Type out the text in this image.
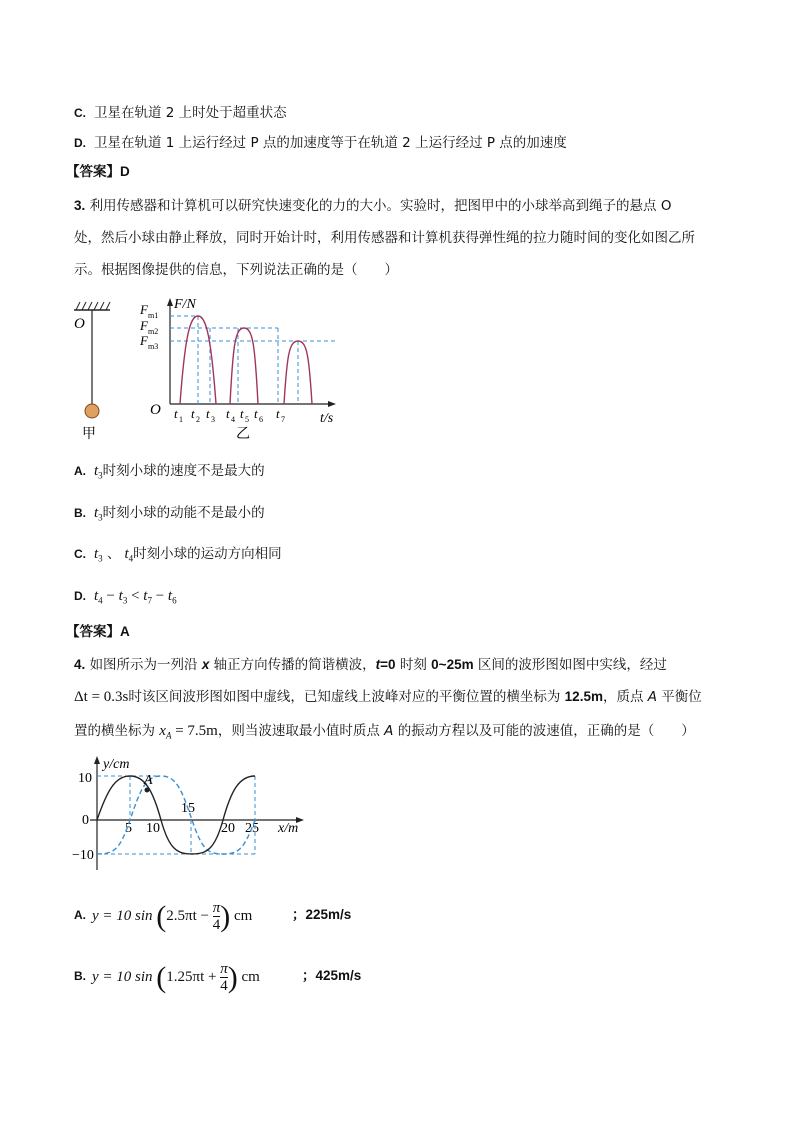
C. 卫星在轨道 2 上时处于超重状态
D. 卫星在轨道 1 上运行经过 P 点的加速度等于在轨道 2 上运行经过 P 点的加速度
【答案】D
3. 利用传感器和计算机可以研究快速变化的力的大小。实验时，把图甲中的小球举高到绳子的悬点 O
处，然后小球由静止释放，同时开始计时，利用传感器和计算机获得弹性绳的拉力随时间的变化如图乙所
示。根据图像提供的信息，下列说法正确的是（　　）
O
甲
F/N
t/s
O
F m1
F m2
F m3
t 1 t 2 t 3 t 4 t 5 t 6 t 7
乙
A. $t_3$时刻小球的速度不是最大的
B. $t_3$时刻小球的动能不是最小的
C. $t_3$ 、 $t_4$时刻小球的运动方向相同
D. $t_4 - t_3 < t_7 - t_6$
【答案】A
4. 如图所示为一列沿 x 轴正方向传播的简谐横波，t=0 时刻 0~25m 区间的波形图如图中实线，经过
Δt = 0.3s时该区间波形图如图中虚线，已知虚线上波峰对应的平衡位置的横坐标为 12.5m，质点 A 平衡位
置的横坐标为 $x_A = 7.5m$，则当波速取最小值时质点 A 的振动方程以及可能的波速值，正确的是（　　）
y/cm
x/m
10
0
−10
5 10
15
20 25
A
A. y = 10 $\sin (2.5\pi t - \frac{\pi}{4}$ ) cm	；225m/s
B. y = 10 $\sin (1.25\pi t + \frac{\pi}{4}$ ) cm	；425m/s
